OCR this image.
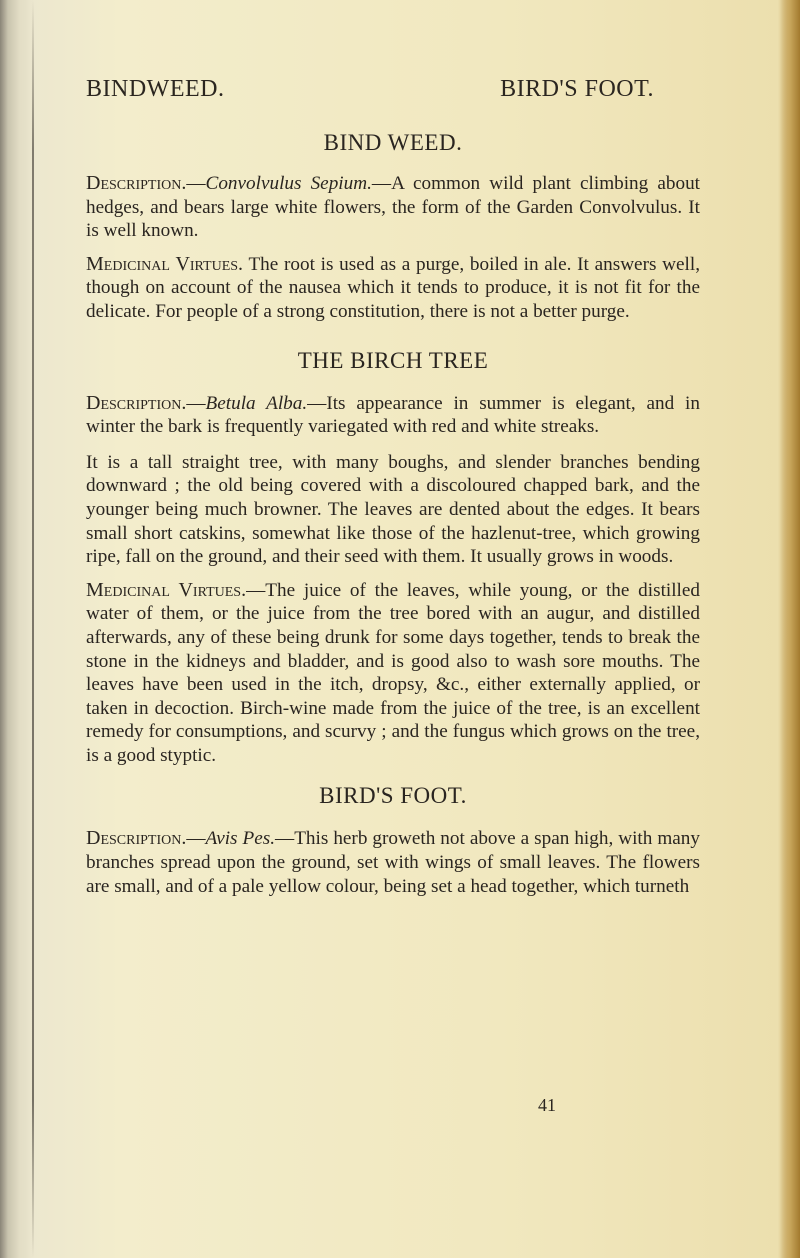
BINDWEED.	BIRD'S FOOT.
BIND WEED.

Description.—Convolvulus Sepium.—A common wild plant climbing about hedges, and bears large white flowers, the form of the Garden Convolvulus. It is well known.

Medicinal Virtues. The root is used as a purge, boiled in ale. It answers well, though on account of the nausea which it tends to produce, it is not fit for the delicate. For people of a strong constitution, there is not a better purge.

THE BIRCH TREE

Description.—Betula Alba.—Its appearance in summer is elegant, and in winter the bark is frequently variegated with red and white streaks.

It is a tall straight tree, with many boughs, and slender branches bending downward ; the old being covered with a discoloured chapped bark, and the younger being much browner. The leaves are dented about the edges. It bears small short catskins, somewhat like those of the hazlenut-tree, which growing ripe, fall on the ground, and their seed with them. It usually grows in woods.

Medicinal Virtues.—The juice of the leaves, while young, or the distilled water of them, or the juice from the tree bored with an augur, and distilled afterwards, any of these being drunk for some days together, tends to break the stone in the kidneys and bladder, and is good also to wash sore mouths. The leaves have been used in the itch, dropsy, &c., either externally applied, or taken in decoction. Birch-wine made from the juice of the tree, is an excellent remedy for consumptions, and scurvy ; and the fungus which grows on the tree, is a good styptic.

BIRD'S FOOT.

Description.—Avis Pes.—This herb groweth not above a span high, with many branches spread upon the ground, set with wings of small leaves. The flowers are small, and of a pale yellow colour, being set a head together, which turneth

41
